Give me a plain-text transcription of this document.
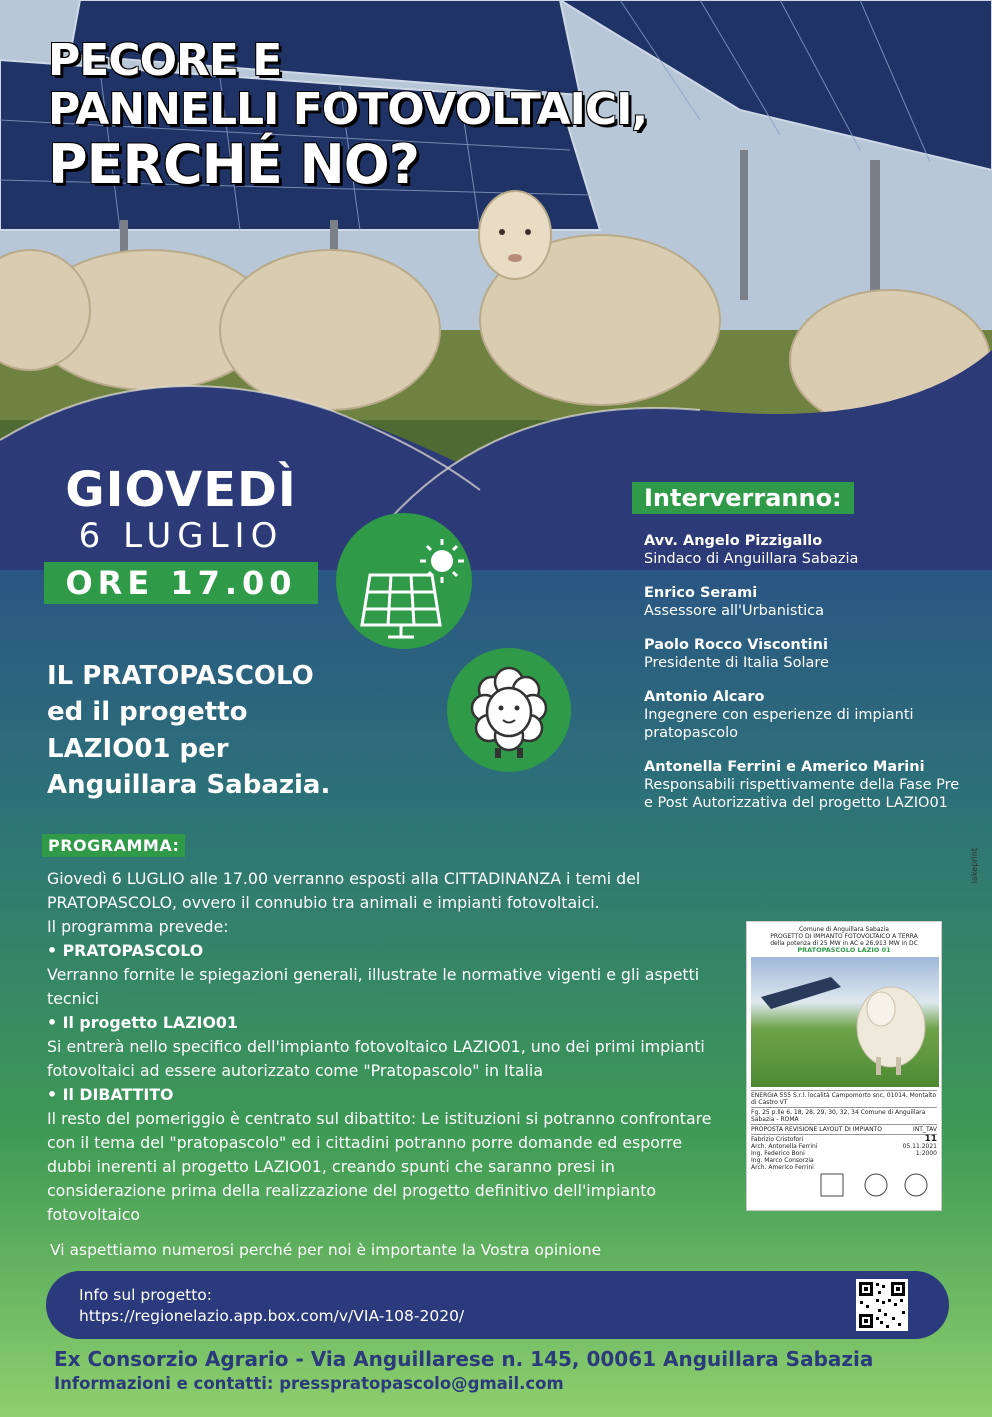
PECORE E
PANNELLI FOTOVOLTAICI,
PERCHÉ NO?
GIOVEDÌ
6 LUGLIO
ORE 17.00
IL PRATOPASCOLO
ed il progetto
LAZIO01 per
Anguillara Sabazia.
Interverranno:
Avv. Angelo Pizzigallo
Sindaco di Anguillara Sabazia
Enrico Serami
Assessore all'Urbanistica
Paolo Rocco Viscontini
Presidente di Italia Solare
Antonio Alcaro
Ingegnere con esperienze di impianti pratopascolo
Antonella Ferrini e Americo Marini
Responsabili rispettivamente della Fase Pre e Post Autorizzativa del progetto LAZIO01
PROGRAMMA:
Giovedì 6 LUGLIO alle 17.00 verranno esposti alla CITTADINANZA i temi del PRATOPASCOLO, ovvero il connubio tra animali e impianti fotovoltaici.
Il programma prevede:
• PRATOPASCOLO
Verranno fornite le spiegazioni generali, illustrate le normative vigenti e gli aspetti tecnici
• Il progetto LAZIO01
Si entrerà nello specifico dell'impianto fotovoltaico LAZIO01, uno dei primi impianti fotovoltaici ad essere autorizzato come "Pratopascolo" in Italia
• Il DIBATTITO
Il resto del pomeriggio è centrato sul dibattito: Le istituzioni si potranno confrontare con il tema del "pratopascolo" ed i cittadini potranno porre domande ed esporre dubbi inerenti al progetto LAZIO01, creando spunti che saranno presi in considerazione prima della realizzazione del progetto definitivo dell'impianto fotovoltaico
Comune di Anguillara Sabazia
PROGETTO DI IMPIANTO FOTOVOLTAICO A TERRA
della potenza di 25 MW in AC e 26,913 MW in DC
PRATOPASCOLO LAZIO 01
ENERGIA 555 S.r.l. località Campomorto snc, 01014, Montalto di Castro VT
Fg. 25 p.lle 6, 18, 28, 29, 30, 32, 34 Comune di Anguillara Sabazia - ROMA
PROPOSTA REVISIONE LAYOUT DI IMPIANTO	INT_TAV
Fabrizio Cristofori
Arch. Antonella Ferrini
Ing. Federico Boni
Ing. Marco Consorzia
Arch. Americo Ferrini
11
05.11.2021
1:2000
Vi aspettiamo numerosi perché per noi è importante la Vostra opinione
Info sul progetto:
https://regionelazio.app.box.com/v/VIA-108-2020/
Ex Consorzio Agrario - Via Anguillarese n. 145, 00061 Anguillara Sabazia
Informazioni e contatti: presspratopascolo@gmail.com
lakeprint
